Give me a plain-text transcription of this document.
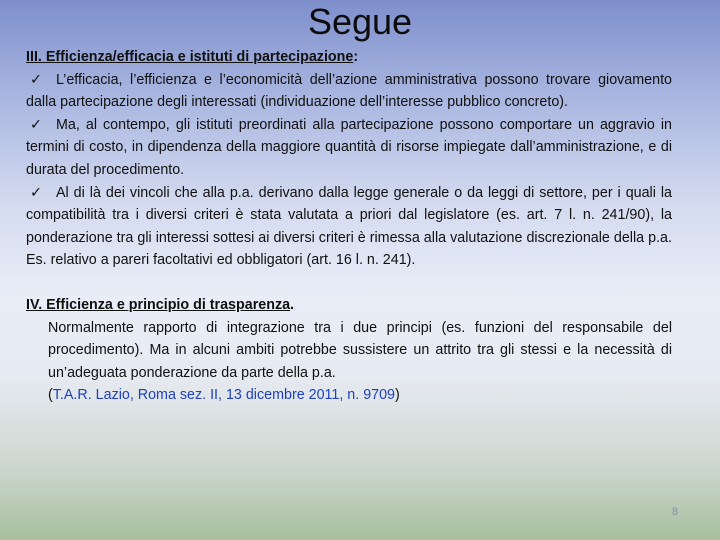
Segue
III. Efficienza/efficacia e istituti di partecipazione:

✓ L’efficacia, l’efficienza e l’economicità dell’azione amministrativa possono trovare giovamento dalla partecipazione degli interessati (individuazione dell’interesse pubblico concreto).

✓ Ma, al contempo, gli istituti preordinati alla partecipazione possono comportare un aggravio in termini di costo, in dipendenza della maggiore quantità di risorse impiegate dall’amministrazione, e di durata del procedimento.

✓ Al di là dei vincoli che alla p.a. derivano dalla legge generale o da leggi di settore, per i quali la compatibilità tra i diversi criteri è stata valutata a priori dal legislatore (es. art. 7 l. n. 241/90), la ponderazione tra gli interessi sottesi ai diversi criteri è rimessa alla valutazione discrezionale della p.a. Es. relativo a pareri facoltativi ed obbligatori (art. 16 l. n. 241).

IV. Efficienza e principio di trasparenza.

Normalmente rapporto di integrazione tra i due principi (es. funzioni del responsabile del procedimento). Ma in alcuni ambiti potrebbe sussistere un attrito tra gli stessi e la necessità di un’adeguata ponderazione da parte della p.a.

(T.A.R. Lazio, Roma sez. II, 13 dicembre 2011, n. 9709)

8
